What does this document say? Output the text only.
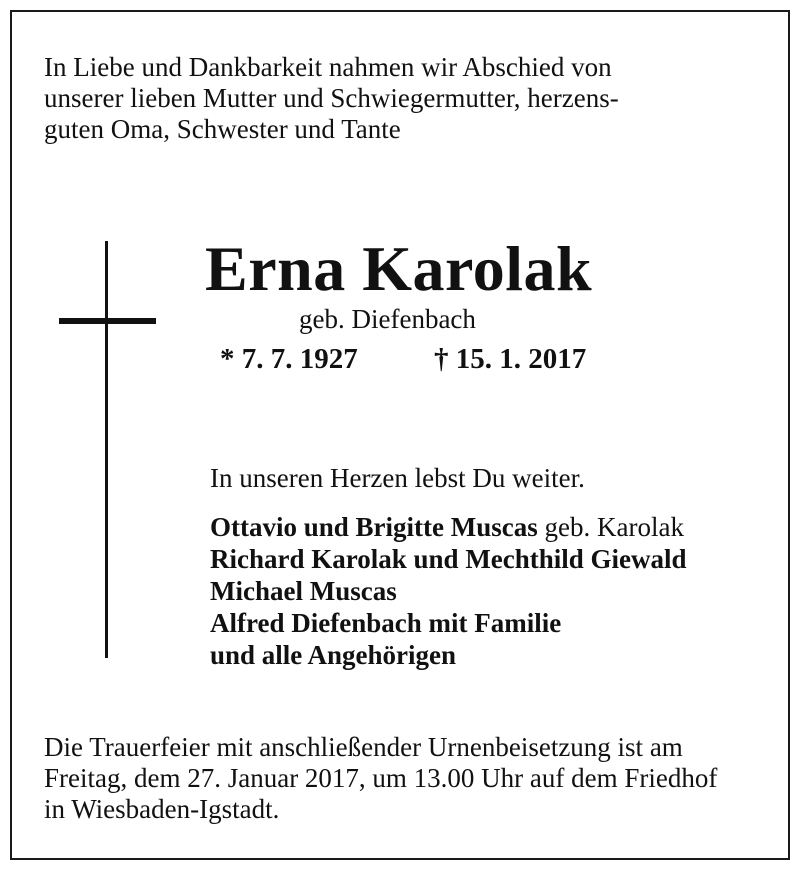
In Liebe und Dankbarkeit nahmen wir Abschied von
unserer lieben Mutter und Schwiegermutter, herzens-
guten Oma, Schwester und Tante
Erna Karolak
geb. Diefenbach
* 7. 7. 1927	† 15. 1. 2017
In unseren Herzen lebst Du weiter.
Ottavio und Brigitte Muscas geb. Karolak
Richard Karolak und Mechthild Giewald
Michael Muscas
Alfred Diefenbach mit Familie
und alle Angehörigen
Die Trauerfeier mit anschließender Urnenbeisetzung ist am
Freitag, dem 27. Januar 2017, um 13.00 Uhr auf dem Friedhof
in Wiesbaden-Igstadt.
